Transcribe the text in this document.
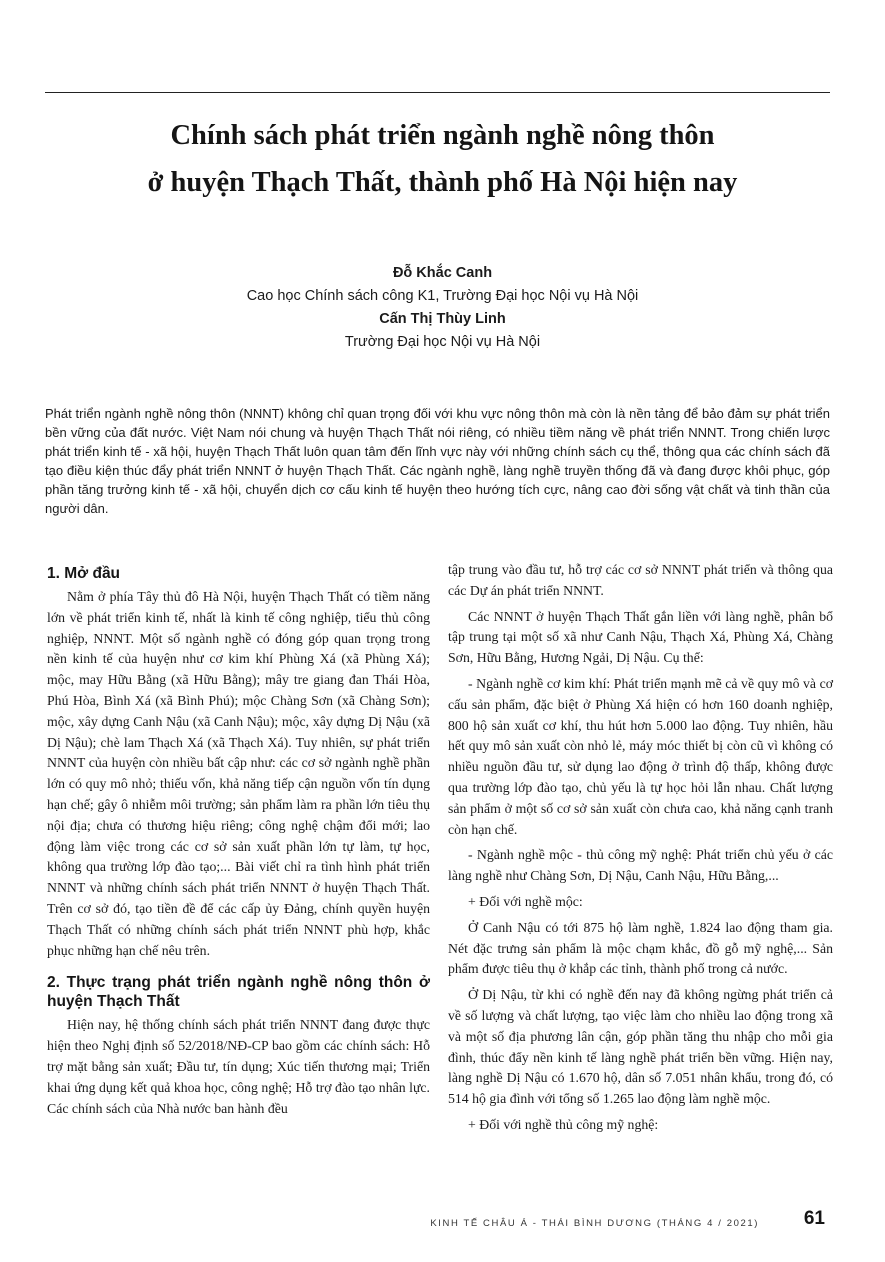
Chính sách phát triển ngành nghề nông thôn
ở huyện Thạch Thất, thành phố Hà Nội hiện nay
Đỗ Khắc Canh
Cao học Chính sách công K1, Trường Đại học Nội vụ Hà Nội
Cấn Thị Thùy Linh
Trường Đại học Nội vụ Hà Nội

Phát triển ngành nghề nông thôn (NNNT) không chỉ quan trọng đối với khu vực nông thôn mà còn là nền tảng để bảo đảm sự phát triển bền vững của đất nước. Việt Nam nói chung và huyện Thạch Thất nói riêng, có nhiều tiềm năng về phát triển NNNT. Trong chiến lược phát triển kinh tế - xã hội, huyện Thạch Thất luôn quan tâm đến lĩnh vực này với những chính sách cụ thể, thông qua các chính sách đã tạo điều kiện thúc đẩy phát triển NNNT ở huyện Thạch Thất. Các ngành nghề, làng nghề truyền thống đã và đang được khôi phục, góp phần tăng trưởng kinh tế - xã hội, chuyển dịch cơ cấu kinh tế huyện theo hướng tích cực, nâng cao đời sống vật chất và tinh thần của người dân.

1. Mở đầu

Nằm ở phía Tây thủ đô Hà Nội, huyện Thạch Thất có tiềm năng lớn về phát triển kinh tế, nhất là kinh tế công nghiệp, tiểu thủ công nghiệp, NNNT. Một số ngành nghề có đóng góp quan trọng trong nền kinh tế của huyện như cơ kim khí Phùng Xá (xã Phùng Xá); mộc, may Hữu Bằng (xã Hữu Bằng); mây tre giang đan Thái Hòa, Phú Hòa, Bình Xá (xã Bình Phú); mộc Chàng Sơn (xã Chàng Sơn); mộc, xây dựng Canh Nậu (xã Canh Nậu); mộc, xây dựng Dị Nậu (xã Dị Nậu); chè lam Thạch Xá (xã Thạch Xá). Tuy nhiên, sự phát triển NNNT của huyện còn nhiều bất cập như: các cơ sở ngành nghề phần lớn có quy mô nhỏ; thiếu vốn, khả năng tiếp cận nguồn vốn tín dụng hạn chế; gây ô nhiễm môi trường; sản phẩm làm ra phần lớn tiêu thụ nội địa; chưa có thương hiệu riêng; công nghệ chậm đổi mới; lao động làm việc trong các cơ sở sản xuất phần lớn tự làm, tự học, không qua trường lớp đào tạo;... Bài viết chỉ ra tình hình phát triển NNNT và những chính sách phát triển NNNT ở huyện Thạch Thất. Trên cơ sở đó, tạo tiền đề để các cấp ủy Đảng, chính quyền huyện Thạch Thất có những chính sách phát triển NNNT phù hợp, khắc phục những hạn chế nêu trên.

2. Thực trạng phát triển ngành nghề nông thôn ở huyện Thạch Thất

Hiện nay, hệ thống chính sách phát triển NNNT đang được thực hiện theo Nghị định số 52/2018/NĐ-CP bao gồm các chính sách: Hỗ trợ mặt bằng sản xuất; Đầu tư, tín dụng; Xúc tiến thương mại; Triển khai ứng dụng kết quả khoa học, công nghệ; Hỗ trợ đào tạo nhân lực. Các chính sách của Nhà nước ban hành đều

tập trung vào đầu tư, hỗ trợ các cơ sở NNNT phát triển và thông qua các Dự án phát triển NNNT.

Các NNNT ở huyện Thạch Thất gắn liền với làng nghề, phân bổ tập trung tại một số xã như Canh Nậu, Thạch Xá, Phùng Xá, Chàng Sơn, Hữu Bằng, Hương Ngải, Dị Nậu. Cụ thể:

- Ngành nghề cơ kim khí: Phát triển mạnh mẽ cả về quy mô và cơ cấu sản phẩm, đặc biệt ở Phùng Xá hiện có hơn 160 doanh nghiệp, 800 hộ sản xuất cơ khí, thu hút hơn 5.000 lao động. Tuy nhiên, hầu hết quy mô sản xuất còn nhỏ lẻ, máy móc thiết bị còn cũ vì không có nhiều nguồn đầu tư, sử dụng lao động ở trình độ thấp, không được qua trường lớp đào tạo, chủ yếu là tự học hỏi lẫn nhau. Chất lượng sản phẩm ở một số cơ sở sản xuất còn chưa cao, khả năng cạnh tranh còn hạn chế.

- Ngành nghề mộc - thủ công mỹ nghệ: Phát triển chủ yếu ở các làng nghề như Chàng Sơn, Dị Nậu, Canh Nậu, Hữu Bằng,...

+ Đối với nghề mộc:

Ở Canh Nậu có tới 875 hộ làm nghề, 1.824 lao động tham gia. Nét đặc trưng sản phẩm là mộc chạm khắc, đồ gỗ mỹ nghệ,... Sản phẩm được tiêu thụ ở khắp các tỉnh, thành phố trong cả nước.

Ở Dị Nậu, từ khi có nghề đến nay đã không ngừng phát triển cả về số lượng và chất lượng, tạo việc làm cho nhiều lao động trong xã và một số địa phương lân cận, góp phần tăng thu nhập cho mỗi gia đình, thúc đẩy nền kinh tế làng nghề phát triển bền vững. Hiện nay, làng nghề Dị Nậu có 1.670 hộ, dân số 7.051 nhân khẩu, trong đó, có 514 hộ gia đình với tổng số 1.265 lao động làm nghề mộc.

+ Đối với nghề thủ công mỹ nghệ:

KINH TẾ CHÂU Á - THÁI BÌNH DƯƠNG (THÁNG 4 / 2021) 61
